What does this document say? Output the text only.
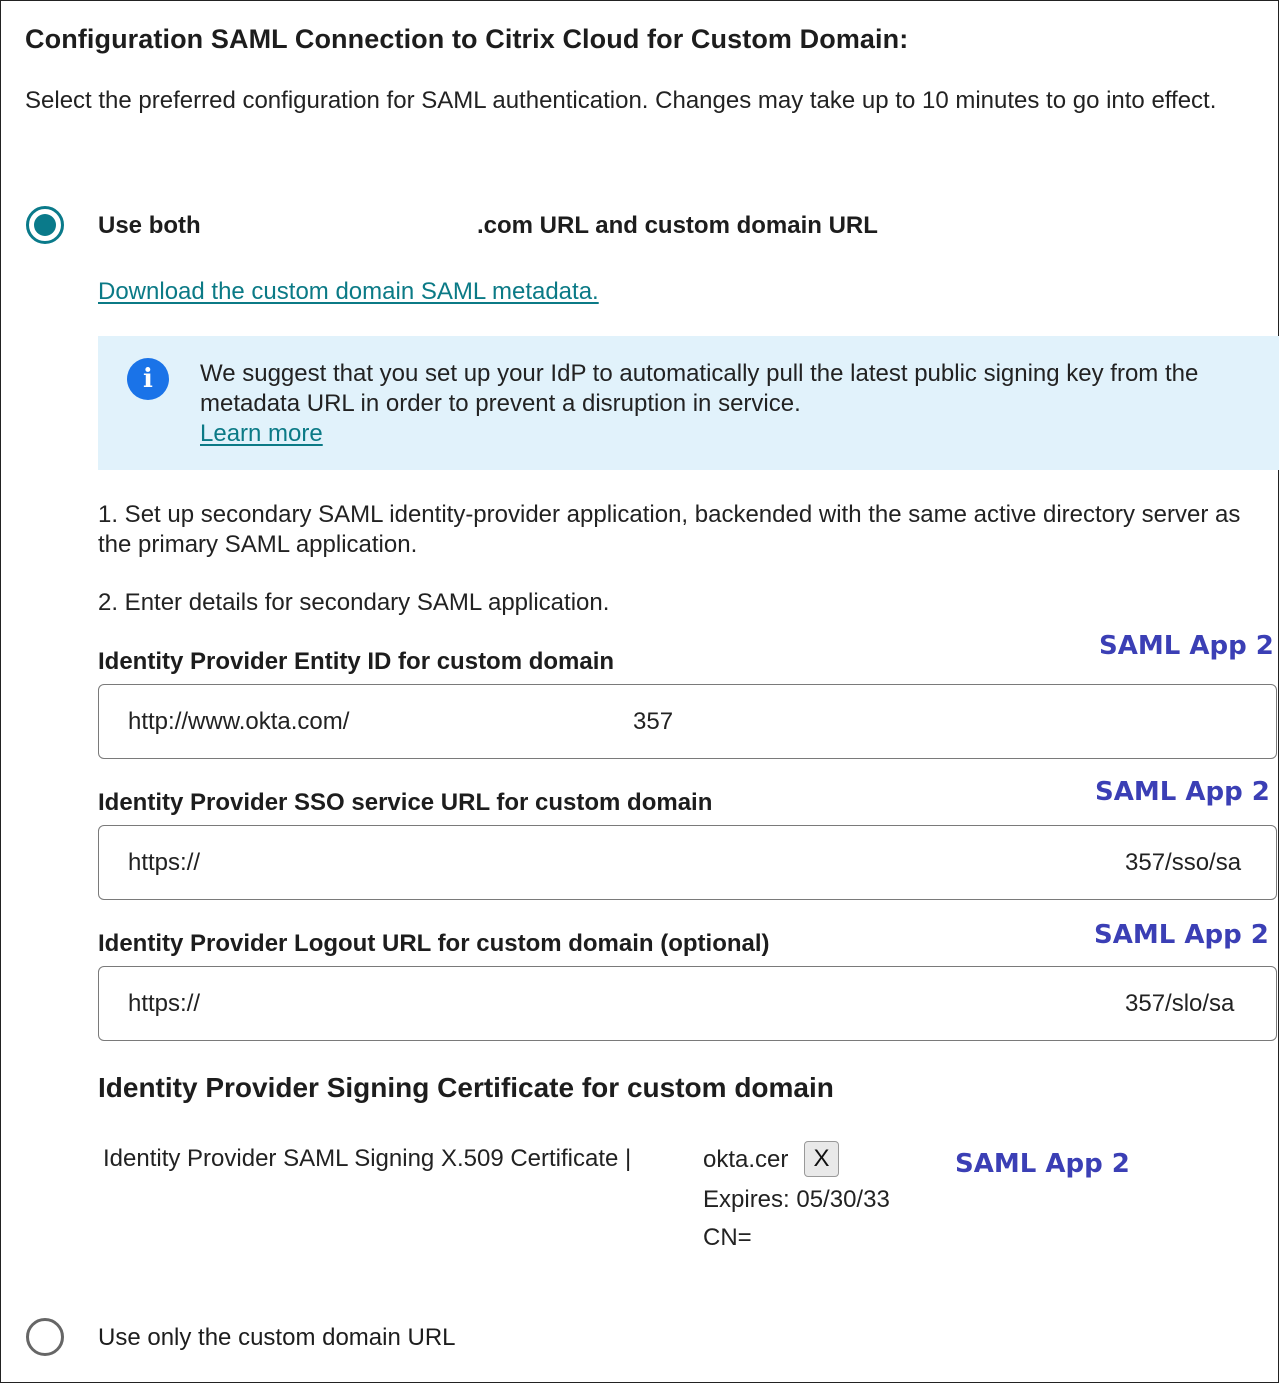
Configuration SAML Connection to Citrix Cloud for Custom Domain:
Select the preferred configuration for SAML authentication. Changes may take up to 10 minutes to go into effect.
Use both	.com URL and custom domain URL
Download the custom domain SAML metadata.
i	We suggest that you set up your IdP to automatically pull the latest public signing key from the metadata URL in order to prevent a disruption in service.
Learn more
1. Set up secondary SAML identity-provider application, backended with the same active directory server as the primary SAML application.
2. Enter details for secondary SAML application.
SAML App 2
Identity Provider Entity ID for custom domain
http://www.okta.com/	357
SAML App 2
Identity Provider SSO service URL for custom domain
https://	357/sso/sa
SAML App 2
Identity Provider Logout URL for custom domain (optional)
https://	357/slo/sa
Identity Provider Signing Certificate for custom domain
Identity Provider SAML Signing X.509 Certificate |	okta.cer	X	SAML App 2
Expires: 05/30/33
CN=
Use only the custom domain URL
